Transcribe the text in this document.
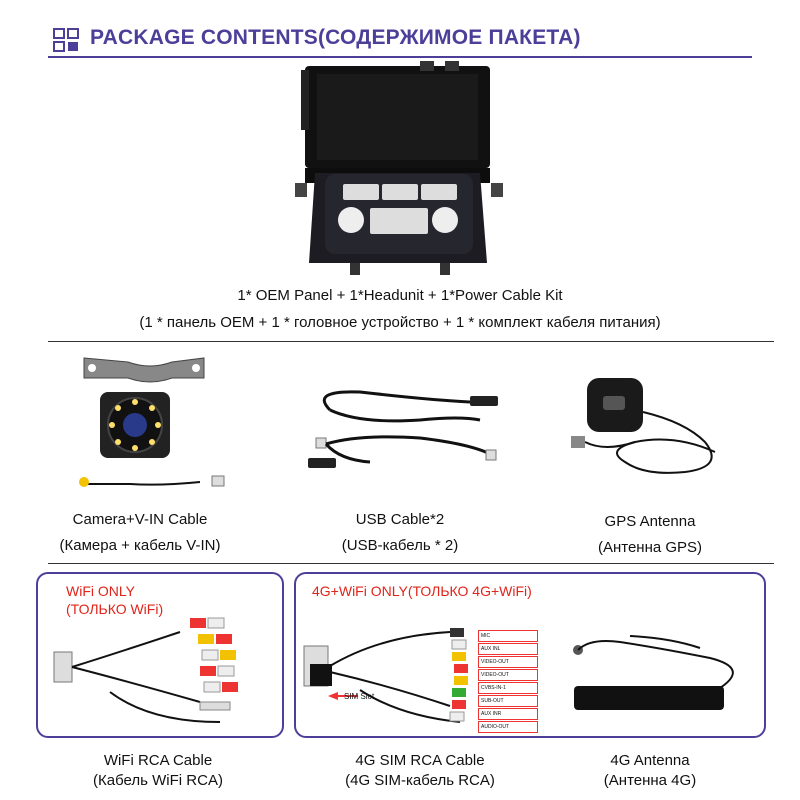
PACKAGE CONTENTS(СОДЕРЖИМОЕ ПАКЕТА)
1* OEM Panel + 1*Headunit + 1*Power Cable Kit
(1 * панель OEM + 1 * головное устройство + 1 * комплект кабеля питания)
Camera+V-IN Cable
(Камера + кабель V-IN)
USB Cable*2
(USB-кабель * 2)
GPS Antenna
(Антенна GPS)
WiFi ONLY
(ТОЛЬКО WiFi)
4G+WiFi ONLY(ТОЛЬКО 4G+WiFi)
SIM Slot
MIC
AUX INL
VIDEO-OUT
VIDEO-OUT
CVBS-IN-1
SUB-OUT
AUX INR
AUDIO-OUT
WiFi RCA Cable
(Кабель WiFi RCA)
4G SIM RCA Cable
(4G SIM-кабель RCA)
4G Antenna
(Антенна 4G)
